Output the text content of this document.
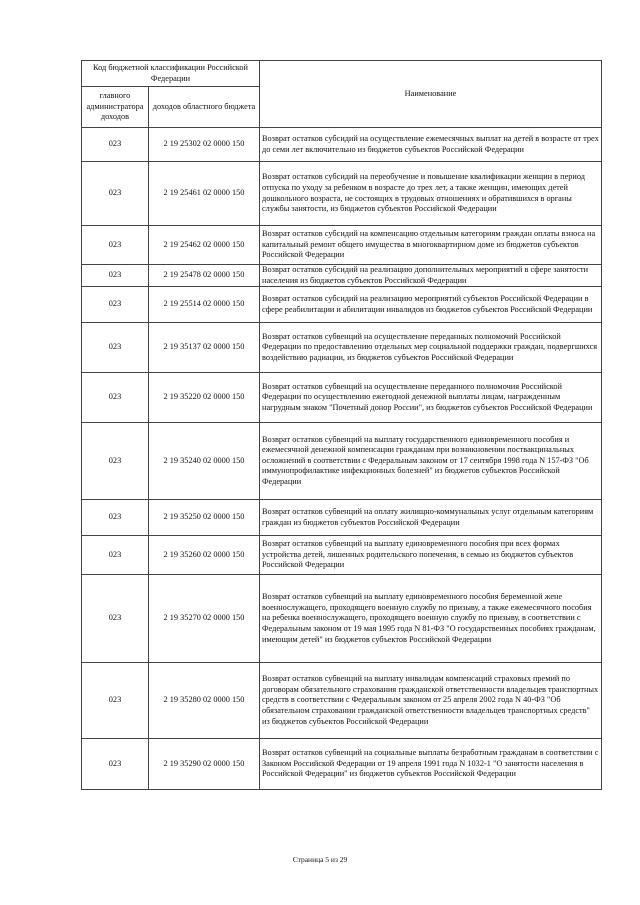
Код бюджетной классификации Российской Федерации		Наименование
главного администратора доходов	доходов областного бюджета	
023	2 19 25302 02 0000 150	Возврат остатков субсидий на осуществление ежемесячных выплат на детей в возрасте от трех до семи лет включительно из бюджетов субъектов Российской Федерации
023	2 19 25461 02 0000 150	Возврат остатков субсидий на переобучение и повышение квалификации женщин в период отпуска по уходу за ребенком в возрасте до трех лет, а также женщин, имеющих детей дошкольного возраста, не состоящих в трудовых отношениях и обратившихся в органы службы занятости, из бюджетов субъектов Российской Федерации
023	2 19 25462 02 0000 150	Возврат остатков субсидий на компенсацию отдельным категориям граждан оплаты взноса на капитальный ремонт общего имущества в многоквартирном доме из бюджетов субъектов Российской Федерации
023	2 19 25478 02 0000 150	Возврат остатков субсидий на реализацию дополнительных мероприятий в сфере занятости населения из бюджетов субъектов Российской Федерации
023	2 19 25514 02 0000 150	Возврат остатков субсидий на реализацию мероприятий субъектов Российской Федерации в сфере реабилитации и абилитации инвалидов из бюджетов субъектов Российской Федерации
023	2 19 35137 02 0000 150	Возврат остатков субвенций на осуществление переданных полномочий Российской Федерации по предоставлению отдельных мер социальной поддержки граждан, подвергшихся воздействию радиации, из бюджетов субъектов Российской Федерации
023	2 19 35220 02 0000 150	Возврат остатков субвенций на осуществление переданного полномочия Российской Федерации по осуществлению ежегодной денежной выплаты лицам, награжденным нагрудным знаком "Почетный донор России", из бюджетов субъектов Российской Федерации
023	2 19 35240 02 0000 150	Возврат остатков субвенций на выплату государственного единовременного пособия и ежемесячной денежной компенсации гражданам при возникновении поствакцинальных осложнений в соответствии с Федеральным законом от 17 сентября 1998 года N 157-ФЗ "Об иммунопрофилактике инфекционных болезней" из бюджетов субъектов Российской Федерации
023	2 19 35250 02 0000 150	Возврат остатков субвенций на оплату жилищно-коммунальных услуг отдельным категориям граждан из бюджетов субъектов Российской Федерации
023	2 19 35260 02 0000 150	Возврат остатков субвенций на выплату единовременного пособия при всех формах устройства детей, лишенных родительского попечения, в семью из бюджетов субъектов Российской Федерации
023	2 19 35270 02 0000 150	Возврат остатков субвенций на выплату единовременного пособия беременной жене военнослужащего, проходящего военную службу по призыву, а также ежемесячного пособия на ребенка военнослужащего, проходящего военную службу по призыву, в соответствии с Федеральным законом от 19 мая 1995 года N 81-ФЗ "О государственных пособиях гражданам, имеющим детей" из бюджетов субъектов Российской Федерации
023	2 19 35280 02 0000 150	Возврат остатков субвенций на выплату инвалидам компенсаций страховых премий по договорам обязательного страхования гражданской ответственности владельцев транспортных средств в соответствии с Федеральным законом от 25 апреля 2002 года N 40-ФЗ "Об обязательном страховании гражданской ответственности владельцев транспортных средств" из бюджетов субъектов Российской Федерации
023	2 19 35290 02 0000 150	Возврат остатков субвенций на социальные выплаты безработным гражданам в соответствии с Законом Российской Федерации от 19 апреля 1991 года N 1032-1 "О занятости населения в Российской Федерации" из бюджетов субъектов Российской Федерации
Страница 5 из 29
